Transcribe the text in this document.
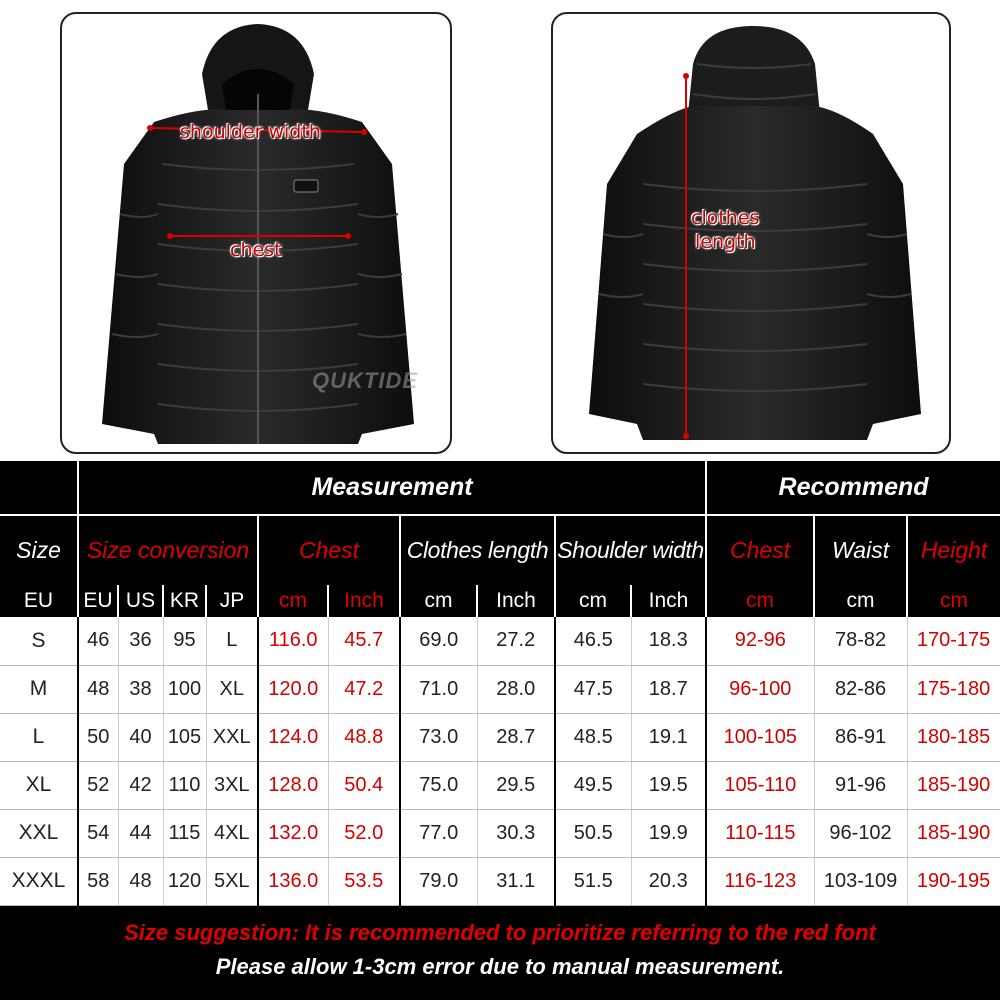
shoulder width
chest
QUKTIDE
clothes
length
	Measurement										Recommend		
Size	Size conversion				Chest		Clothes length		Shoulder width		Chest	Waist	Height
EU	EU	US	KR	JP	cm	Inch	cm	Inch	cm	Inch	cm	cm	cm
S	46	36	95	L	116.0	45.7	69.0	27.2	46.5	18.3	92-96	78-82	170-175
M	48	38	100	XL	120.0	47.2	71.0	28.0	47.5	18.7	96-100	82-86	175-180
L	50	40	105	XXL	124.0	48.8	73.0	28.7	48.5	19.1	100-105	86-91	180-185
XL	52	42	110	3XL	128.0	50.4	75.0	29.5	49.5	19.5	105-110	91-96	185-190
XXL	54	44	115	4XL	132.0	52.0	77.0	30.3	50.5	19.9	110-115	96-102	185-190
XXXL	58	48	120	5XL	136.0	53.5	79.0	31.1	51.5	20.3	116-123	103-109	190-195
Size suggestion: It is recommended to prioritize referring to the red font
Please allow 1-3cm error due to manual measurement.
